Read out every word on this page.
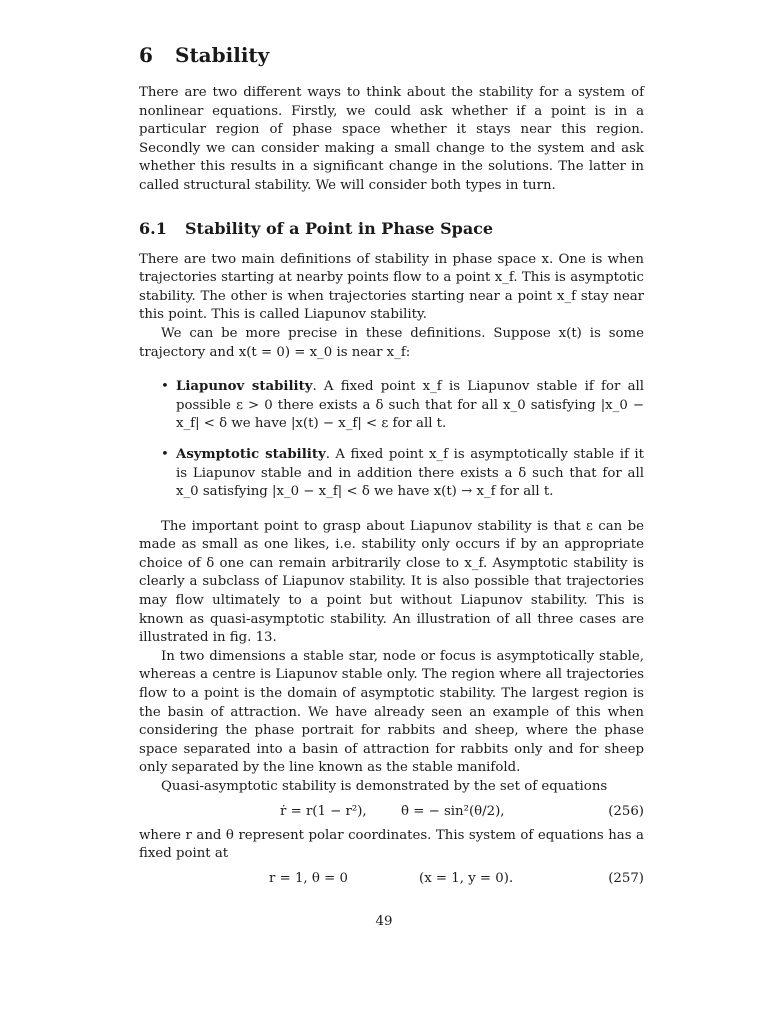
6 Stability

There are two different ways to think about the stability for a system of nonlinear equations. Firstly, we could ask whether if a point is in a particular region of phase space whether it stays near this region. Secondly we can consider making a small change to the system and ask whether this results in a significant change in the solutions. The latter in called structural stability. We will consider both types in turn.

6.1 Stability of a Point in Phase Space

There are two main definitions of stability in phase space x. One is when trajectories starting at nearby points flow to a point x_f. This is asymptotic stability. The other is when trajectories starting near a point x_f stay near this point. This is called Liapunov stability.

We can be more precise in these definitions. Suppose x(t) is some trajectory and x(t = 0) = x_0 is near x_f:

• Liapunov stability. A fixed point x_f is Liapunov stable if for all possible ε > 0 there exists a δ such that for all x_0 satisfying |x_0 − x_f| < δ we have |x(t) − x_f| < ε for all t.
• Asymptotic stability. A fixed point x_f is asymptotically stable if it is Liapunov stable and in addition there exists a δ such that for all x_0 satisfying |x_0 − x_f| < δ we have x(t) → x_f for all t.

The important point to grasp about Liapunov stability is that ε can be made as small as one likes, i.e. stability only occurs if by an appropriate choice of δ one can remain arbitrarily close to x_f. Asymptotic stability is clearly a subclass of Liapunov stability. It is also possible that trajectories may flow ultimately to a point but without Liapunov stability. This is known as quasi-asymptotic stability. An illustration of all three cases are illustrated in fig. 13.

In two dimensions a stable star, node or focus is asymptotically stable, whereas a centre is Liapunov stable only. The region where all trajectories flow to a point is the domain of asymptotic stability. The largest region is the basin of attraction. We have already seen an example of this when considering the phase portrait for rabbits and sheep, where the phase space separated into a basin of attraction for rabbits only and for sheep only separated by the line known as the stable manifold.

Quasi-asymptotic stability is demonstrated by the set of equations

ṙ = r(1 − r²),	θ̇ = − sin²(θ/2),	(256)

where r and θ represent polar coordinates. This system of equations has a fixed point at

r = 1, θ = 0	(x = 1, y = 0).	(257)
49
